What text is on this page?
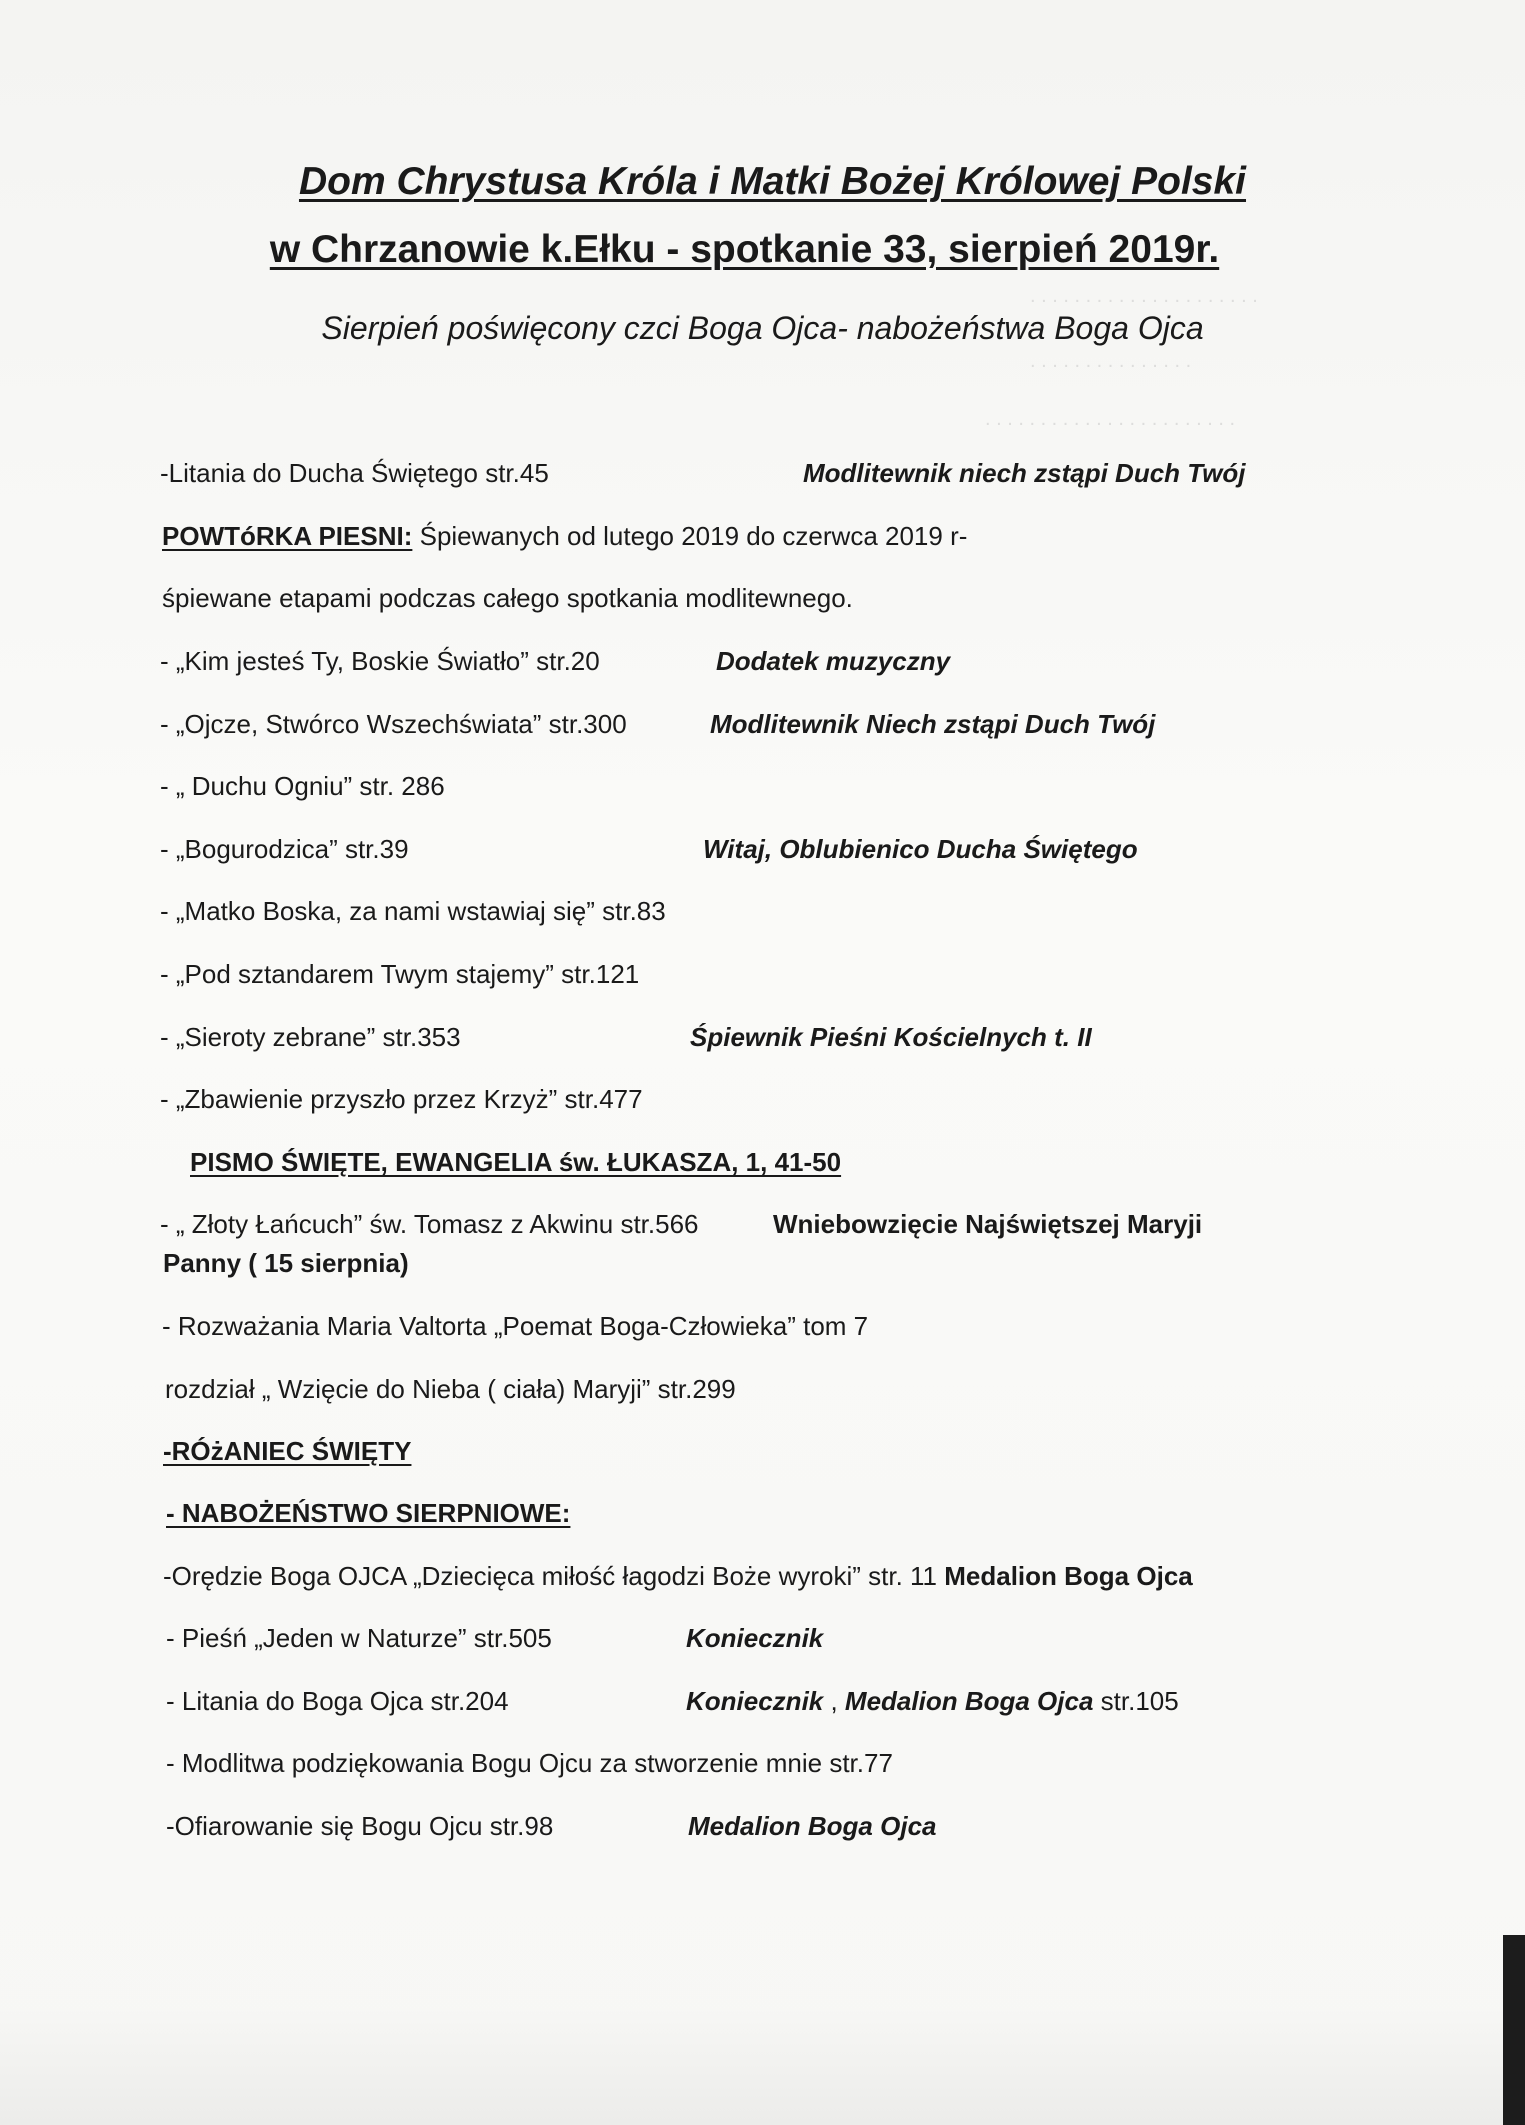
. . . . . . . . . . . . . . . . . . . . .
. . . . . . . . . . . . . . .
. . . . . . . . . . . . . . . . . . . . . . .
Dom Chrystusa Króla i Matki Bożej Królowej Polski
w Chrzanowie k.Ełku - spotkanie 33, sierpień 2019r.
Sierpień poświęcony czci Boga Ojca- nabożeństwa Boga Ojca
-Litania do Ducha Świętego str.45	Modlitewnik niech zstąpi Duch Twój
POWTóRKA PIESNI: Śpiewanych od lutego 2019 do czerwca 2019 r-
śpiewane etapami podczas całego spotkania modlitewnego.
- „Kim jesteś Ty, Boskie Światło” str.20	Dodatek muzyczny
- „Ojcze, Stwórco Wszechświata” str.300	Modlitewnik Niech zstąpi Duch Twój
- „ Duchu Ogniu” str. 286
- „Bogurodzica” str.39	Witaj, Oblubienico Ducha Świętego
- „Matko Boska, za nami wstawiaj się” str.83
- „Pod sztandarem Twym stajemy” str.121
- „Sieroty zebrane” str.353	Śpiewnik Pieśni Kościelnych t. II
- „Zbawienie przyszło przez Krzyż” str.477
PISMO ŚWIĘTE, EWANGELIA św. ŁUKASZA, 1, 41-50
- „ Złoty Łańcuch” św. Tomasz z Akwinu str.566	Wniebowzięcie Najświętszej Maryji
Panny ( 15 sierpnia)
- Rozważania Maria Valtorta „Poemat Boga-Człowieka” tom 7
rozdział „ Wzięcie do Nieba ( ciała) Maryji” str.299
-RÓżANIEC ŚWIĘTY
- NABOŻEŃSTWO SIERPNIOWE:
-Orędzie Boga OJCA „Dziecięca miłość łagodzi Boże wyroki” str. 11 Medalion Boga Ojca
- Pieśń „Jeden w Naturze” str.505	Koniecznik
- Litania do Boga Ojca str.204	Koniecznik , Medalion Boga Ojca str.105
- Modlitwa podziękowania Bogu Ojcu za stworzenie mnie str.77
-Ofiarowanie się Bogu Ojcu str.98	Medalion Boga Ojca
